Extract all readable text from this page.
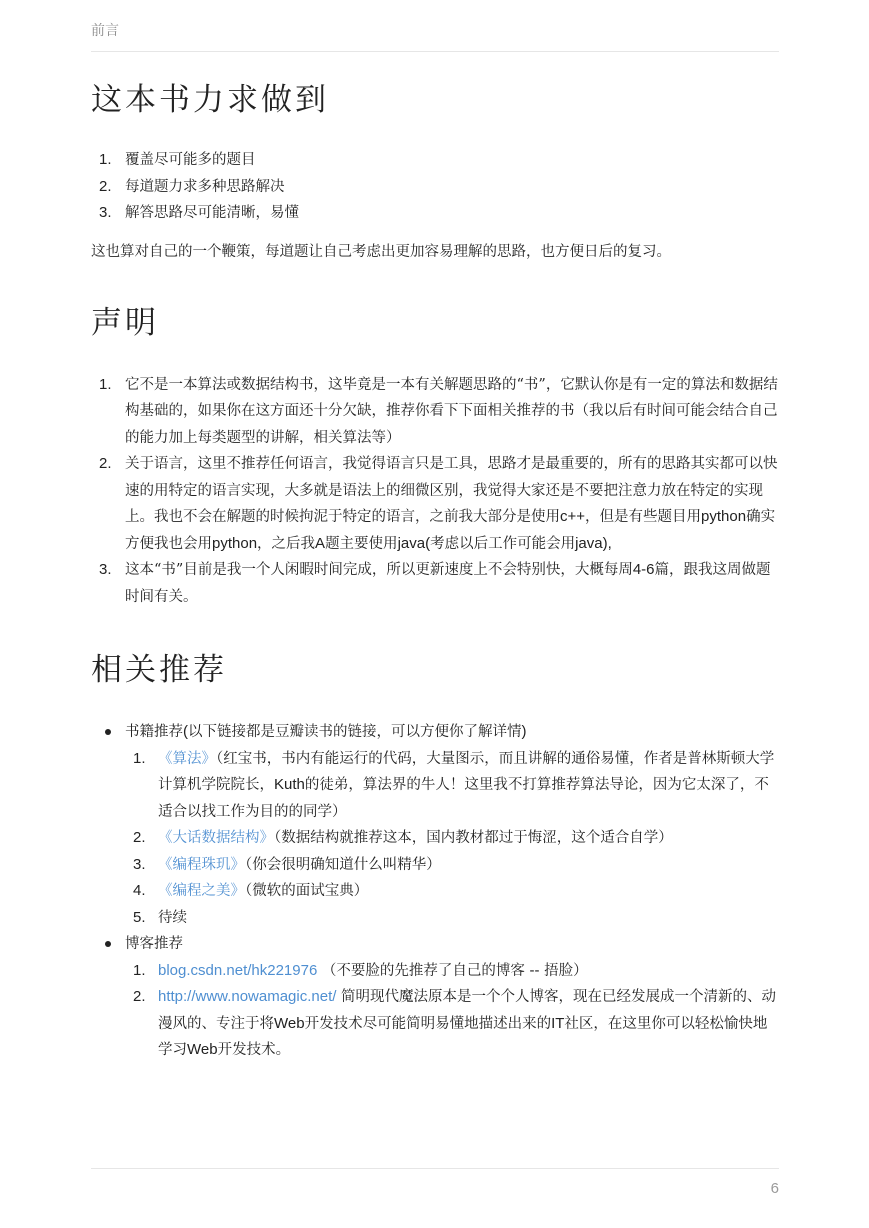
前言
这本书力求做到
1. 覆盖尽可能多的题目
2. 每道题力求多种思路解决
3. 解答思路尽可能清晰，易懂

这也算对自己的一个鞭策，每道题让自己考虑出更加容易理解的思路，也方便日后的复习。

声明
1. 它不是一本算法或数据结构书，这毕竟是一本有关解题思路的“书”，它默认你是有一定的算法和数据结构基础的，如果你在这方面还十分欠缺，推荐你看下下面相关推荐的书（我以后有时间可能会结合自己的能力加上每类题型的讲解，相关算法等）
2. 关于语言，这里不推荐任何语言，我觉得语言只是工具，思路才是最重要的，所有的思路其实都可以快速的用特定的语言实现，大多就是语法上的细微区别，我觉得大家还是不要把注意力放在特定的实现上。我也不会在解题的时候拘泥于特定的语言，之前我大部分是使用c++，但是有些题目用python确实方便我也会用python，之后我A题主要使用java(考虑以后工作可能会用java),
3. 这本“书”目前是我一个人闲暇时间完成，所以更新速度上不会特别快，大概每周4-6篇，跟我这周做题时间有关。
相关推荐
书籍推荐(以下链接都是豆瓣读书的链接，可以方便你了解详情)
1. 《算法》（红宝书，书内有能运行的代码，大量图示，而且讲解的通俗易懂，作者是普林斯顿大学计算机学院院长，Kuth的徒弟，算法界的牛人！这里我不打算推荐算法导论，因为它太深了，不适合以找工作为目的的同学）
2. 《大话数据结构》（数据结构就推荐这本，国内教材都过于悔涩，这个适合自学）
3. 《编程珠玑》（你会很明确知道什么叫精华）
4. 《编程之美》（微软的面试宝典）
5. 待续
博客推荐
1. blog.csdn.net/hk221976 （不要脸的先推荐了自己的博客 -- 捂脸）
2. http://www.nowamagic.net/ 简明现代魔法原本是一个个人博客，现在已经发展成一个清新的、动漫风的、专注于将Web开发技术尽可能简明易懂地描述出来的IT社区，在这里你可以轻松愉快地学习Web开发技术。
6
